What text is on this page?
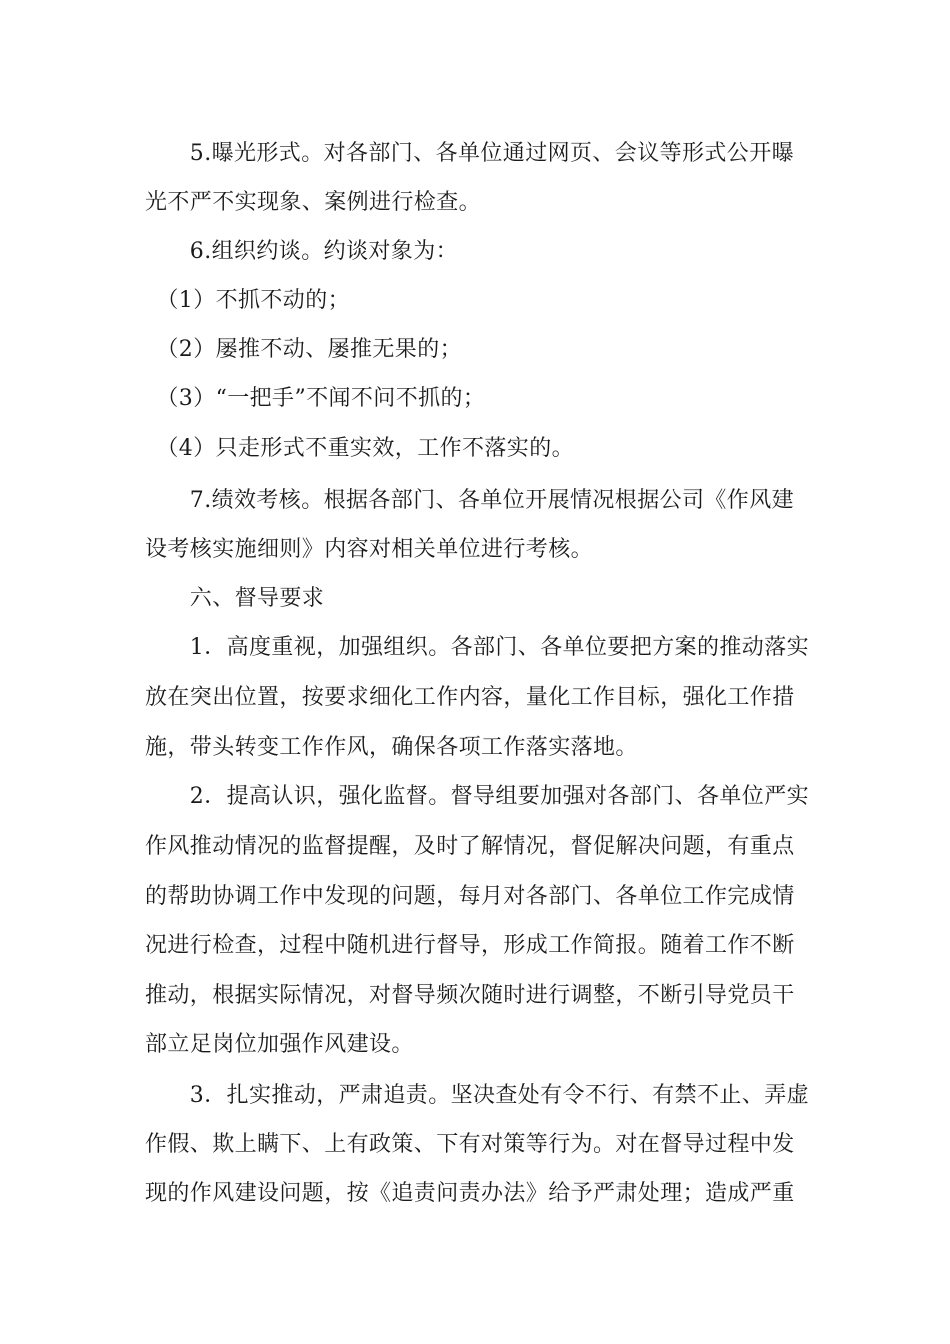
　　5.曝光形式。对各部门、各单位通过网页、会议等形式公开曝
光不严不实现象、案例进行检查。
　　6.组织约谈。约谈对象为：
　（1）不抓不动的；
　（2）屡推不动、屡推无果的；
　（3）“一把手”不闻不问不抓的；
　（4）只走形式不重实效，工作不落实的。
　　7.绩效考核。根据各部门、各单位开展情况根据公司《作风建
设考核实施细则》内容对相关单位进行考核。
　　六、督导要求
　　1．高度重视，加强组织。各部门、各单位要把方案的推动落实
放在突出位置，按要求细化工作内容，量化工作目标，强化工作措
施，带头转变工作作风，确保各项工作落实落地。
　　2．提高认识，强化监督。督导组要加强对各部门、各单位严实
作风推动情况的监督提醒，及时了解情况，督促解决问题，有重点
的帮助协调工作中发现的问题，每月对各部门、各单位工作完成情
况进行检查，过程中随机进行督导，形成工作简报。随着工作不断
推动，根据实际情况，对督导频次随时进行调整，不断引导党员干
部立足岗位加强作风建设。
　　3．扎实推动，严肃追责。坚决查处有令不行、有禁不止、弄虚
作假、欺上瞒下、上有政策、下有对策等行为。对在督导过程中发
现的作风建设问题，按《追责问责办法》给予严肃处理；造成严重
